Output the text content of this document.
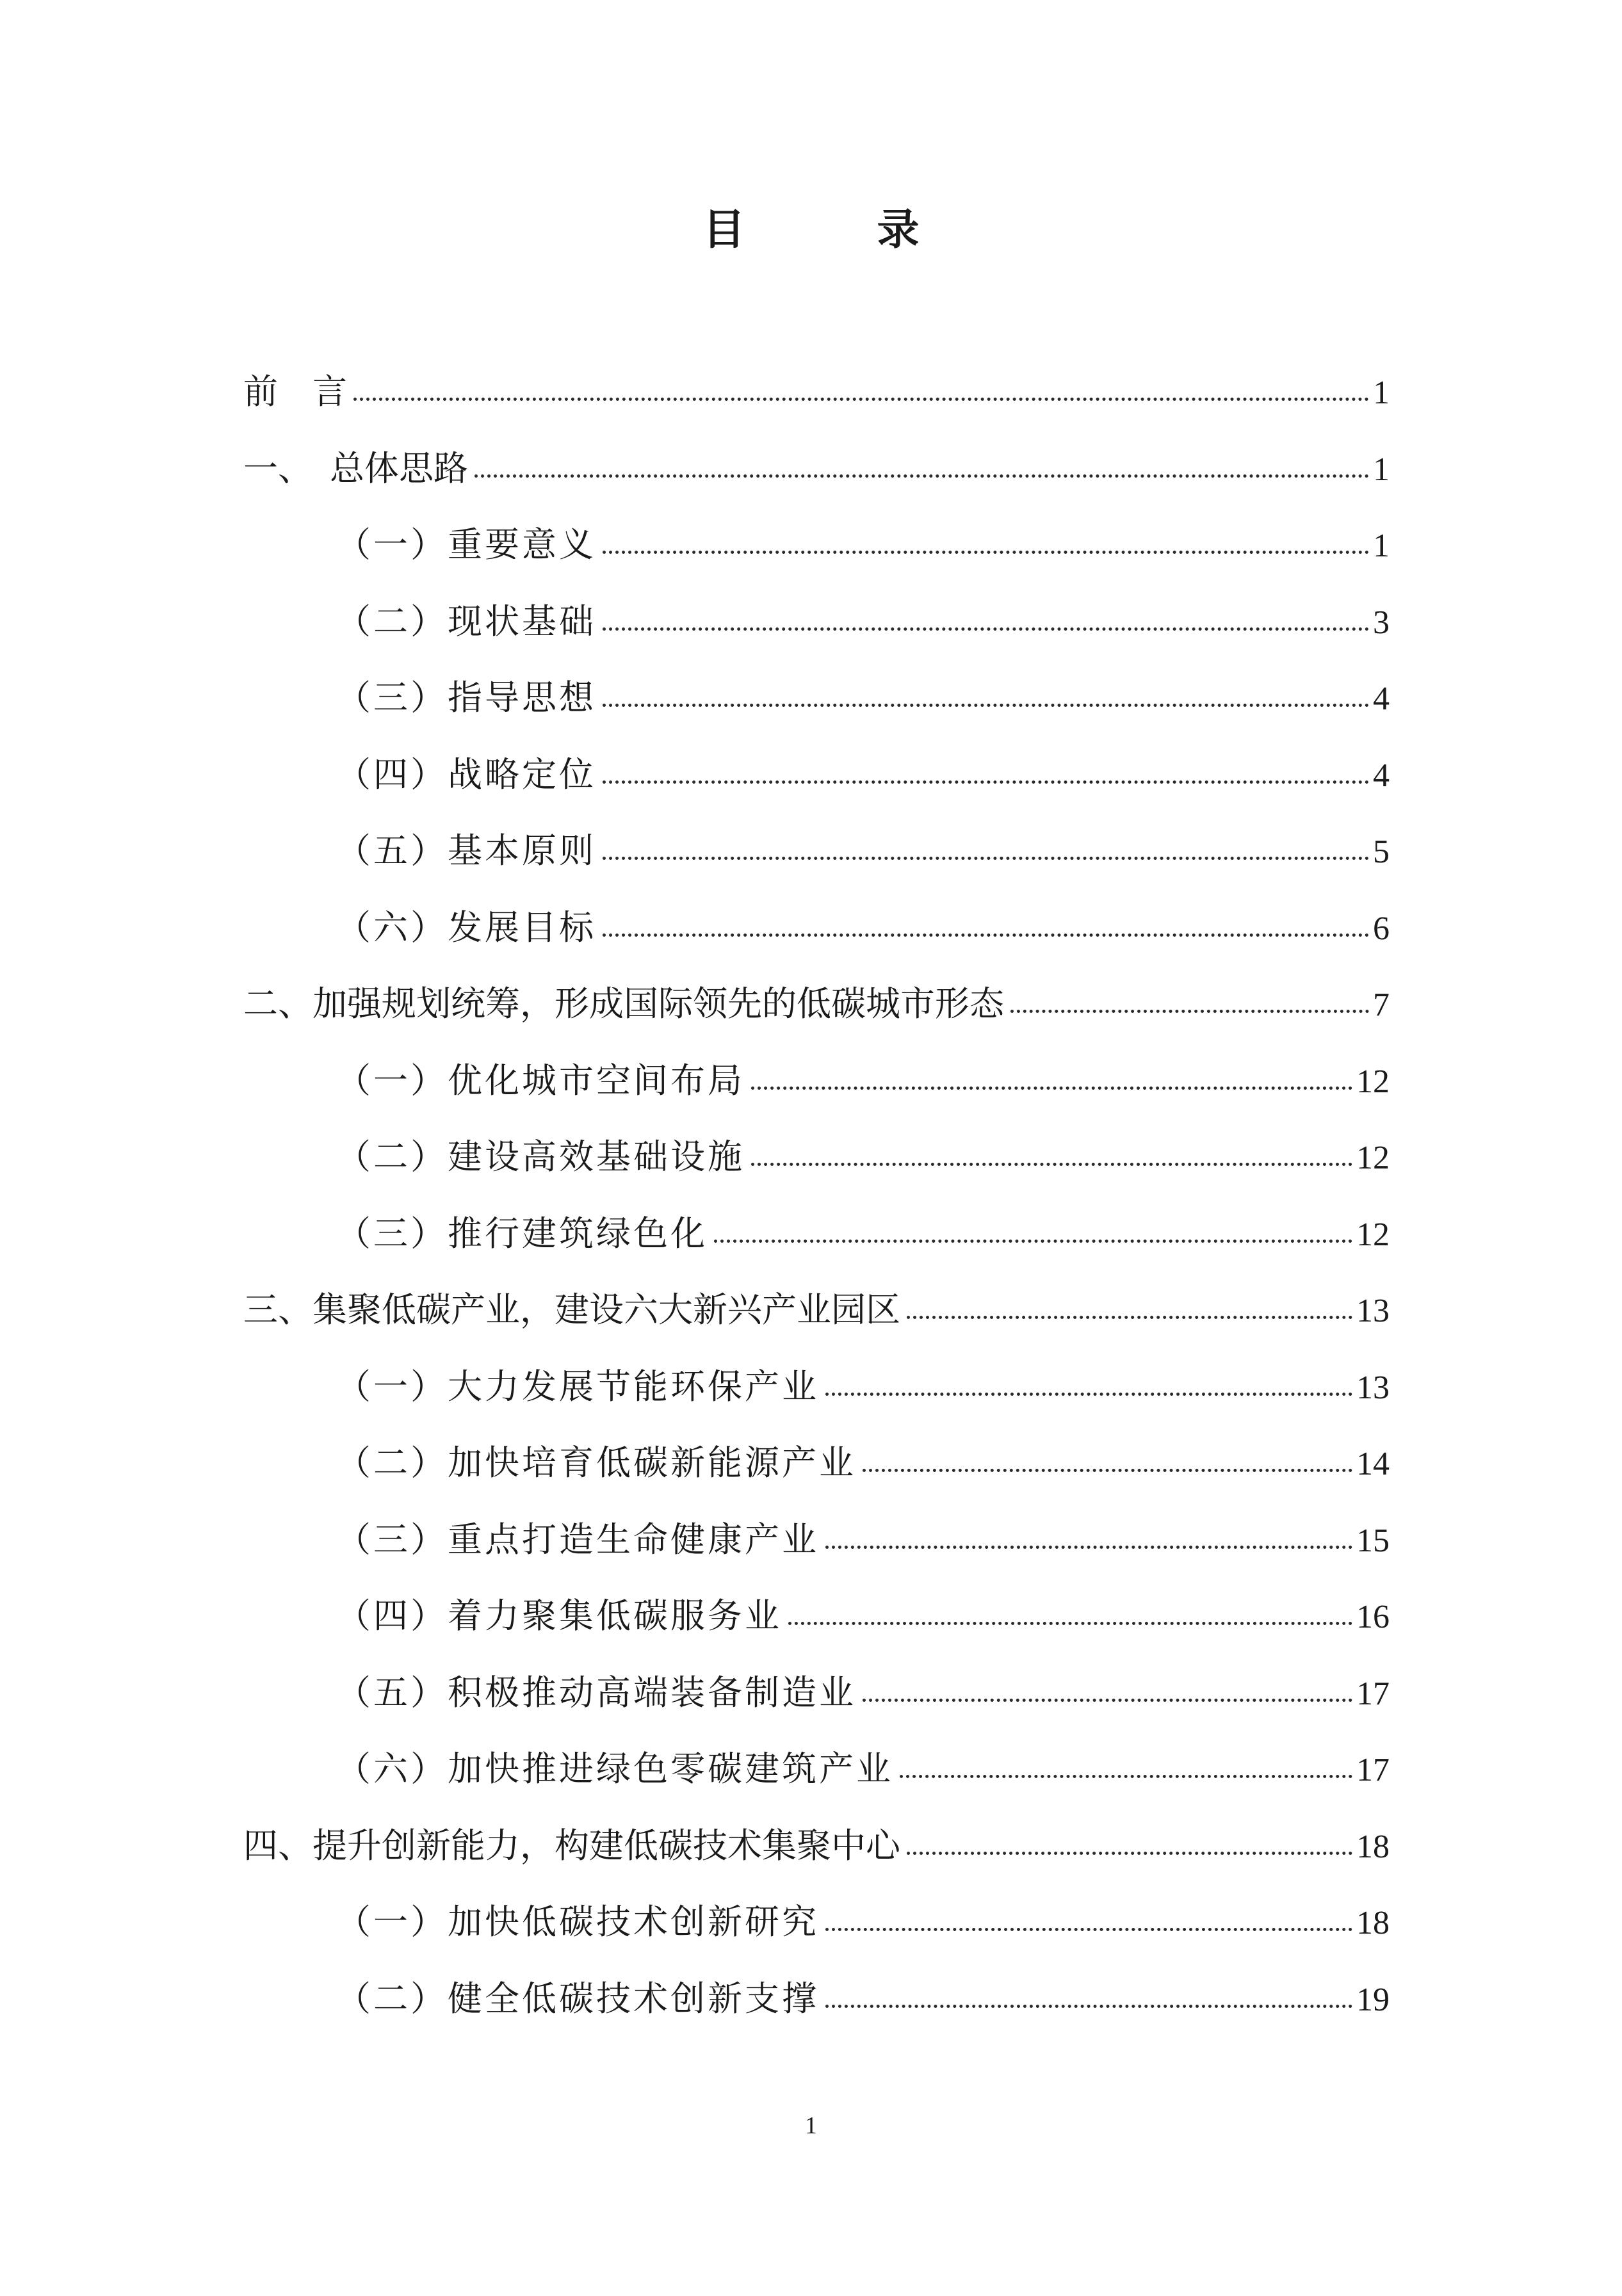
目　录
前　言	1
一、　总体思路	1
（一）重要意义	1
（二）现状基础	3
（三）指导思想	4
（四）战略定位	4
（五）基本原则	5
（六）发展目标	6
二、加强规划统筹，形成国际领先的低碳城市形态	7
（一）优化城市空间布局	12
（二）建设高效基础设施	12
（三）推行建筑绿色化	12
三、集聚低碳产业，建设六大新兴产业园区	13
（一）大力发展节能环保产业	13
（二）加快培育低碳新能源产业	14
（三）重点打造生命健康产业	15
（四）着力聚集低碳服务业	16
（五）积极推动高端装备制造业	17
（六）加快推进绿色零碳建筑产业	17
四、提升创新能力，构建低碳技术集聚中心	18
（一）加快低碳技术创新研究	18
（二）健全低碳技术创新支撑	19
1
